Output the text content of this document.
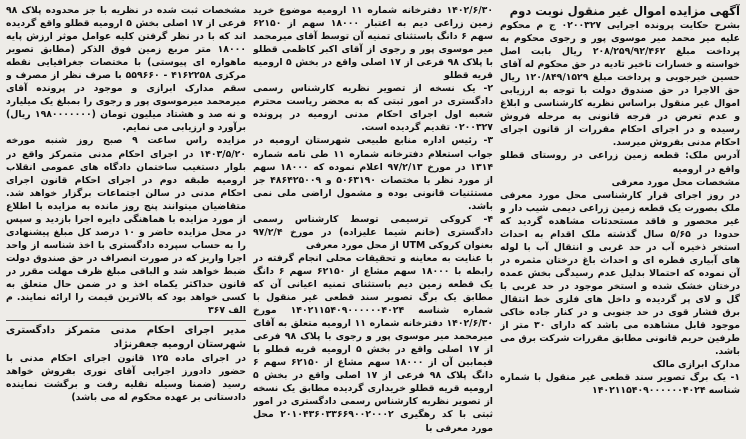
آگهی مزایده اموال غیر منقول نوبت دوم

بشرح حکایت پرونده اجرایی ۰۲۰۰۳۲۷ ج م محکوم علیه میر محمد میر موسوی پور و رجوی محکوم به پرداخت مبلغ ۲۰۸/۲۵۹/۹۲/۴۶۲ ریال بابت اصل خواسته و خسارات تاخیر تادیه در حق محکوم له آقای حسین خیرجویی و پرداخت مبلغ ۱۲۰/۸۴۹/۱۵۲۹ ریال حق الاجرا در حق صندوق دولت با توجه به ارزیابی اموال غیر منقول براساس نظریه کارشناسی و ابلاغ و عدم تعرض در فرجه قانونی به مرحله فروش رسیده و در اجرای احکام مقررات از قانون اجرای احکام مدنی بفروش میرسد.

آدرس ملک: قطعه زمین زراعی در روستای قطلو واقع در ارومیه

مشخصات محل مورد معرفی

در روز اجرای قرار کارشناسی محل مورد معرفی ملک بصورت یک قطعه زمین زراعی دیمی شیب دار و غیر محصور و فاقد مستحدثات مشاهده گردید که حدودا در ۵/۶۵ سال گذشته ملک اقدام به احداث استخر ذخیره آب در حد غربی و انتقال آب با لوله های آبیاری قطره ای و احداث باغ درختان مثمره در آن نموده که احتمالا بدلیل عدم رسیدگی بخش عمده درختان خشک شده و استخر موجود در حد غربی با گل و لای پر گردیده و داخل های فلزی خط انتقال برق فشار قوی در حد جنوبی و در کنار جاده خاکی موجود قابل مشاهده می باشد که دارای ۳۰ متر از طرفین حریم قانونی مطابق مقررات شرکت برق می باشد.

مدارک ابرازی مالک

۱- یک برگ تصویر سند قطعی غیر منقول با شماره شناسه ۱۴۰۲۱۱۵۴۰۹۰۰۰۰۰۰۴۰۲۴

۱۴۰۲/۶/۳۰ دفترخانه شماره ۱۱ ارومیه موضوع خرید زمین زراعی دیم به اعتبار ۱۸۰۰۰ سهم از ۶۲۱۵۰ سهم ۶ دانگ باستثنای تمنیه آن توسط آقای میرمحمد میر موسوی پور و رجوی از آقای اکبر کاظمی قطلو با پلاک ۹۸ فرعی از ۱۷ اصلی واقع در بخش ۵ ارومیه قریه قطلو

۲- یک نسخه از تصویر نظریه کارشناس رسمی دادگستری در امور ثبتی که به محضر ریاست محترم شعبه اول اجرای احکام مدنی ارومیه در پرونده ۰۲۰۰۳۲۷ تقدیم گردیده است.

۳- رئیس اداره منابع طبیعی شهرستان ارومیه در جواب استعلام دفترخانه شماره ۱۱ طی نامه شماره ۱۳۱۴ در مورخ ۹۷/۲/۱۳ اعلام نموده که ۱۸۰۰۰ سهم از مورد نظر با مختصات ۵۰۶۳۱۹۰ و ۴۸۶۴۲۵۰۰۹ جز مستثنیات قانونی بوده و مشمول اراضی ملی نمی باشد.

۴- کروکی ترسیمی توسط کارشناس رسمی دادگستری (خانم شیما علیزاده) در مورخ ۹۷/۲/۴ بعنوان کروکی UTM از محل مورد معرفی

با عنایت به معاینه و تحقیقات محلی انجام گرفته در رابطه با ۱۸۰۰۰ سهم مشاع از ۶۲۱۵۰ سهم ۶ دانگ یک قطعه زمین دیم باستثنای تمنیه اعیانی آن که مطابق یک برگ تصویر سند قطعی غیر منقول با شماره شناسه ۱۴۰۲۱۱۵۴۰۹۰۰۰۰۰۰۴۰۲۴ مورخ ۱۴۰۲/۶/۳۰ دفترخانه شماره ۱۱ ارومیه متعلق به آقای میرمحمد میر موسوی پور و رجوی با پلاک ۹۸ فرعی از ۱۷ اصلی واقع در بخش ۵ ارومیه قریه قطلو با فیمابین آن از ۱۸۰۰۰ سهم مشاع از ۶۲۱۵۰ سهم ۶ دانگ پلاک ۹۸ فرعی از ۱۷ اصلی واقع در بخش ۵ ارومیه قریه قطلو خریداری گردیده مطابق یک نسخه از تصویر نظریه کارشناس رسمی دادگستری در امور ثبتی با کد رهگیری ۲۰۱۰۴۳۶۰۳۳۶۶۹۰۰۲۰۰۰۲ محل مورد معرفی با

مشخصات ثبت شده در نظریه با جز محدوده پلاک ۹۸ فرعی از ۱۷ اصلی بخش ۵ ارومیه قطلو واقع گردیده اند که با در نظر گرفتن کلیه عوامل موثر ارزش پایه ۱۸۰۰۰ متر مربع زمین فوق الذکر (مطابق تصویر ماهواره ای پیوستی) با مختصات جغرافیایی نقطه مرکزی ۴۱۶۲۲۵۸ - ۵۵۹۶۶۰ با صرف نظر از مصرف و سقم مدارک ابرازی و موجود در پرونده آقای میرمحمد میرموسوی پور و رجوی را بمبلغ یک میلیارد و نه صد و هشتاد میلیون تومان (۱۹۸۰۰۰۰۰۰۰ ریال) برآورد و ارزیابی می نمایم.

مزایده راس ساعت ۹ صبح روز شنبه مورخه ۱۴۰۳/۵/۲۰ در اجرای احکام مدنی متمرکز واقع در بلوار دستغیب ساختمان دادگاه های عمومی انقلاب ارومیه طبقه دوم در اجرای احکام قانون اجرای احکام مدنی در سالن اجتماعات برگزار خواهد شد. متقاضیان میتوانند پنج روز مانده به مزایده با اطلاع از مورد مزایده با هماهنگی دایره اجرا بازدید و سپس در محل مزایده حاضر و ۱۰ درصد کل مبلغ پیشنهادی را به حساب سپرده دادگستری با اخذ شناسه از واحد اجرا واریز که در صورت انصراف در حق صندوق دولت ضبط خواهد شد و الباقی مبلغ ظرف مهلت مقرر در قانون حداکثر یکماه اخذ و در ضمن حال متعلق به کسی خواهد بود که بالاترین قیمت را ارائه نمایند. م الف ۳۶۷

مدیر اجرای احکام مدنی متمرکز دادگستری شهرستان ارومیه جعفرنژاد

در اجرای ماده ۱۲۵ قانون اجرای احکام مدنی با حضور دادورز اجرایی آقای نوری بفروش خواهد رسید (ضمنا وسیله نقلیه رفت و برگشت نماینده دادستانی بر عهده محکوم له می باشد)
